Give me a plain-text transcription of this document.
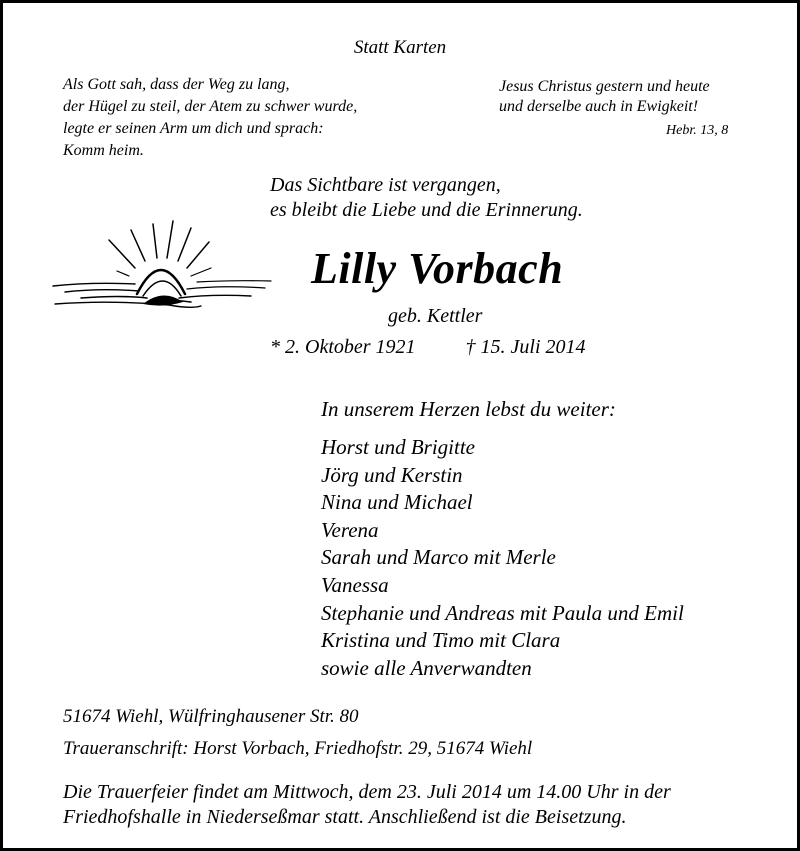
Statt Karten
Als Gott sah, dass der Weg zu lang,
der Hügel zu steil, der Atem zu schwer wurde,
legte er seinen Arm um dich und sprach:
Komm heim.
Jesus Christus gestern und heute
und derselbe auch in Ewigkeit!
Hebr. 13, 8
Das Sichtbare ist vergangen,
es bleibt die Liebe und die Erinnerung.
Lilly Vorbach
geb. Kettler
* 2. Oktober 1921	† 15. Juli 2014
In unserem Herzen lebst du weiter:
Horst und Brigitte
Jörg und Kerstin
Nina und Michael
Verena
Sarah und Marco mit Merle
Vanessa
Stephanie und Andreas mit Paula und Emil
Kristina und Timo mit Clara
sowie alle Anverwandten
51674 Wiehl, Wülfringhausener Str. 80
Traueranschrift: Horst Vorbach, Friedhofstr. 29, 51674 Wiehl
Die Trauerfeier findet am Mittwoch, dem 23. Juli 2014 um 14.00 Uhr in der
Friedhofshalle in Niederseßmar statt. Anschließend ist die Beisetzung.
